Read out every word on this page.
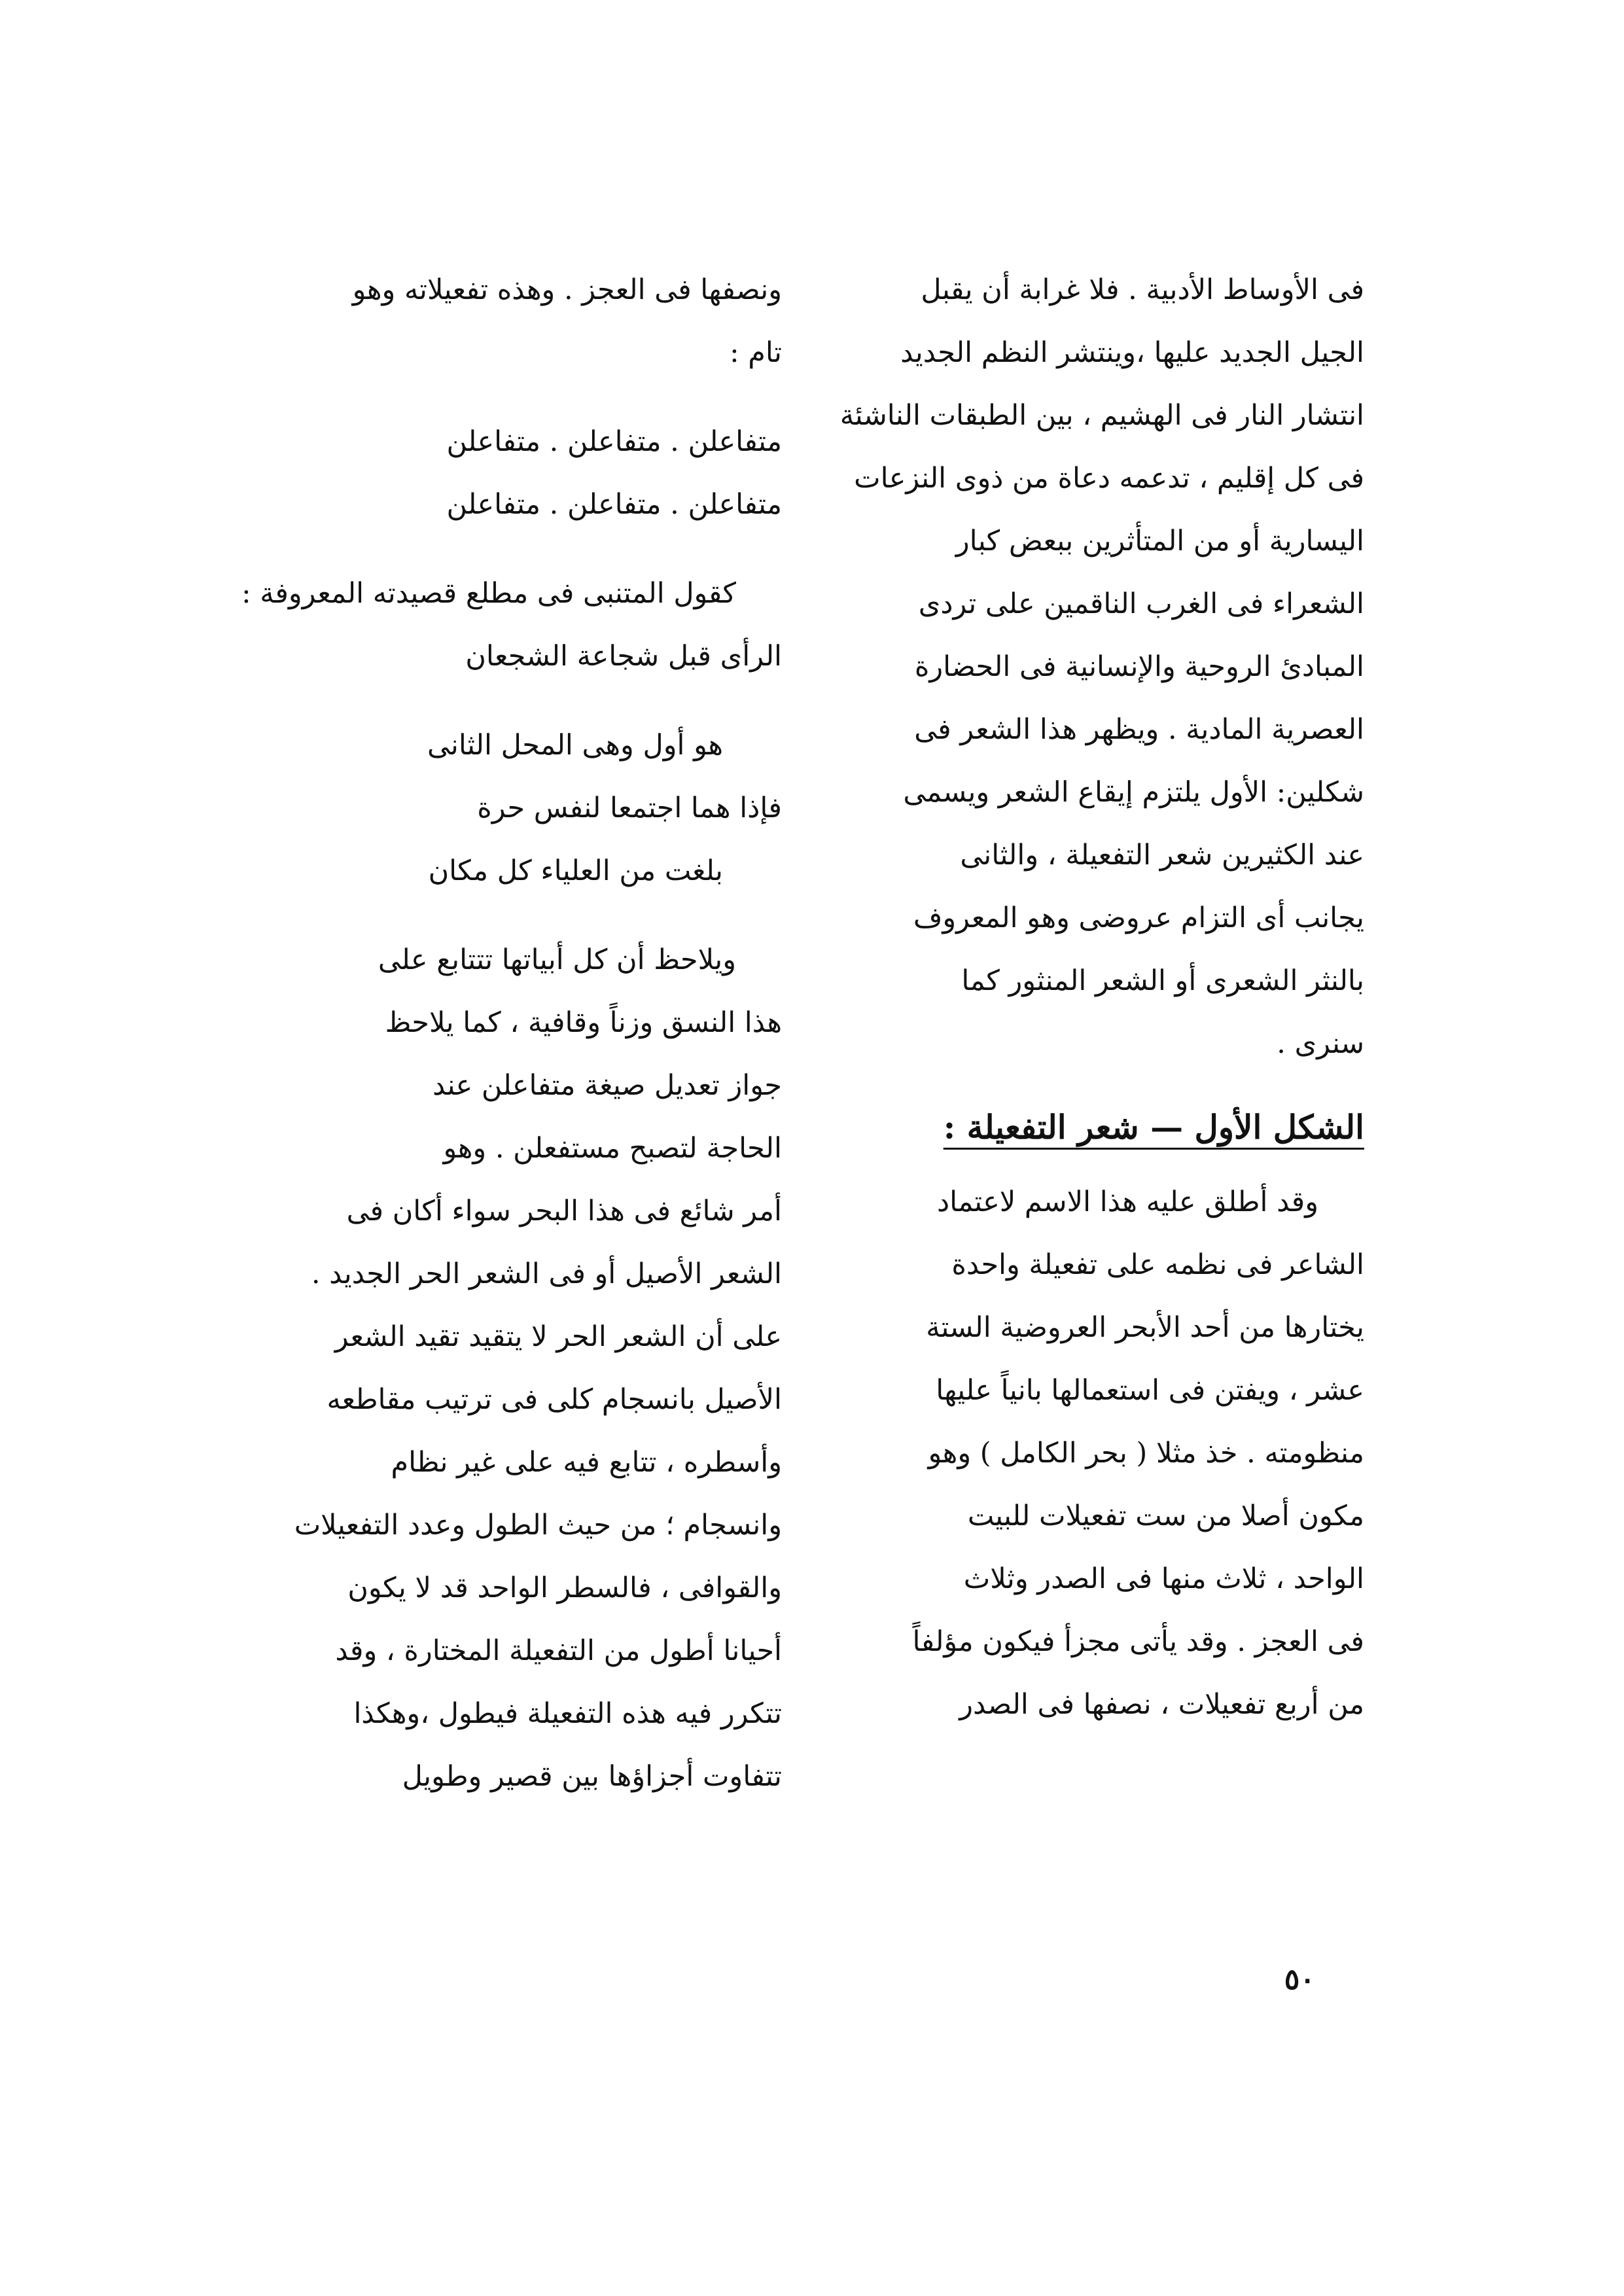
فى الأوساط الأدبية . فلا غرابة أن يقبل
الجيل الجديد عليها ،وينتشر النظم الجديد
انتشار النار فى الهشيم ، بين الطبقات الناشئة
فى كل إقليم ، تدعمه دعاة من ذوى النزعات
اليسارية أو من المتأثرين ببعض كبار
الشعراء فى الغرب الناقمين على تردى
المبادئ الروحية والإنسانية فى الحضارة
العصرية المادية . ويظهر هذا الشعر فى
شكلين: الأول يلتزم إيقاع الشعر ويسمى
عند الكثيرين شعر التفعيلة ، والثانى
يجانب أى التزام عروضى وهو المعروف
بالنثر الشعرى أو الشعر المنثور كما
سنرى .
الشكل الأول — شعر التفعيلة :
وقد أطلق عليه هذا الاسم لاعتماد
الشاعر فى نظمه على تفعيلة واحدة
يختارها من أحد الأبحر العروضية الستة
عشر ، ويفتن فى استعمالها بانياً عليها
منظومته . خذ مثلا ( بحر الكامل ) وهو
مكون أصلا من ست تفعيلات للبيت
الواحد ، ثلاث منها فى الصدر وثلاث
فى العجز . وقد يأتى مجزأ فيكون مؤلفاً
من أربع تفعيلات ، نصفها فى الصدر
ونصفها فى العجز . وهذه تفعيلاته وهو
تام :
متفاعلن . متفاعلن . متفاعلن
متفاعلن . متفاعلن . متفاعلن
كقول المتنبى فى مطلع قصيدته المعروفة :
الرأى قبل شجاعة الشجعان
هو أول وهى المحل الثانى
فإذا هما اجتمعا لنفس حرة
بلغت من العلياء كل مكان
ويلاحظ أن كل أبياتها تتتابع على
هذا النسق وزناً وقافية ، كما يلاحظ
جواز تعديل صيغة متفاعلن عند
الحاجة لتصبح مستفعلن . وهو
أمر شائع فى هذا البحر سواء أكان فى
الشعر الأصيل أو فى الشعر الحر الجديد .
على أن الشعر الحر لا يتقيد تقيد الشعر
الأصيل بانسجام كلى فى ترتيب مقاطعه
وأسطره ، تتابع فيه على غير نظام
وانسجام ؛ من حيث الطول وعدد التفعيلات
والقوافى ، فالسطر الواحد قد لا يكون
أحيانا أطول من التفعيلة المختارة ، وقد
تتكرر فيه هذه التفعيلة فيطول ،وهكذا
تتفاوت أجزاؤها بين قصير وطويل
٥٠
